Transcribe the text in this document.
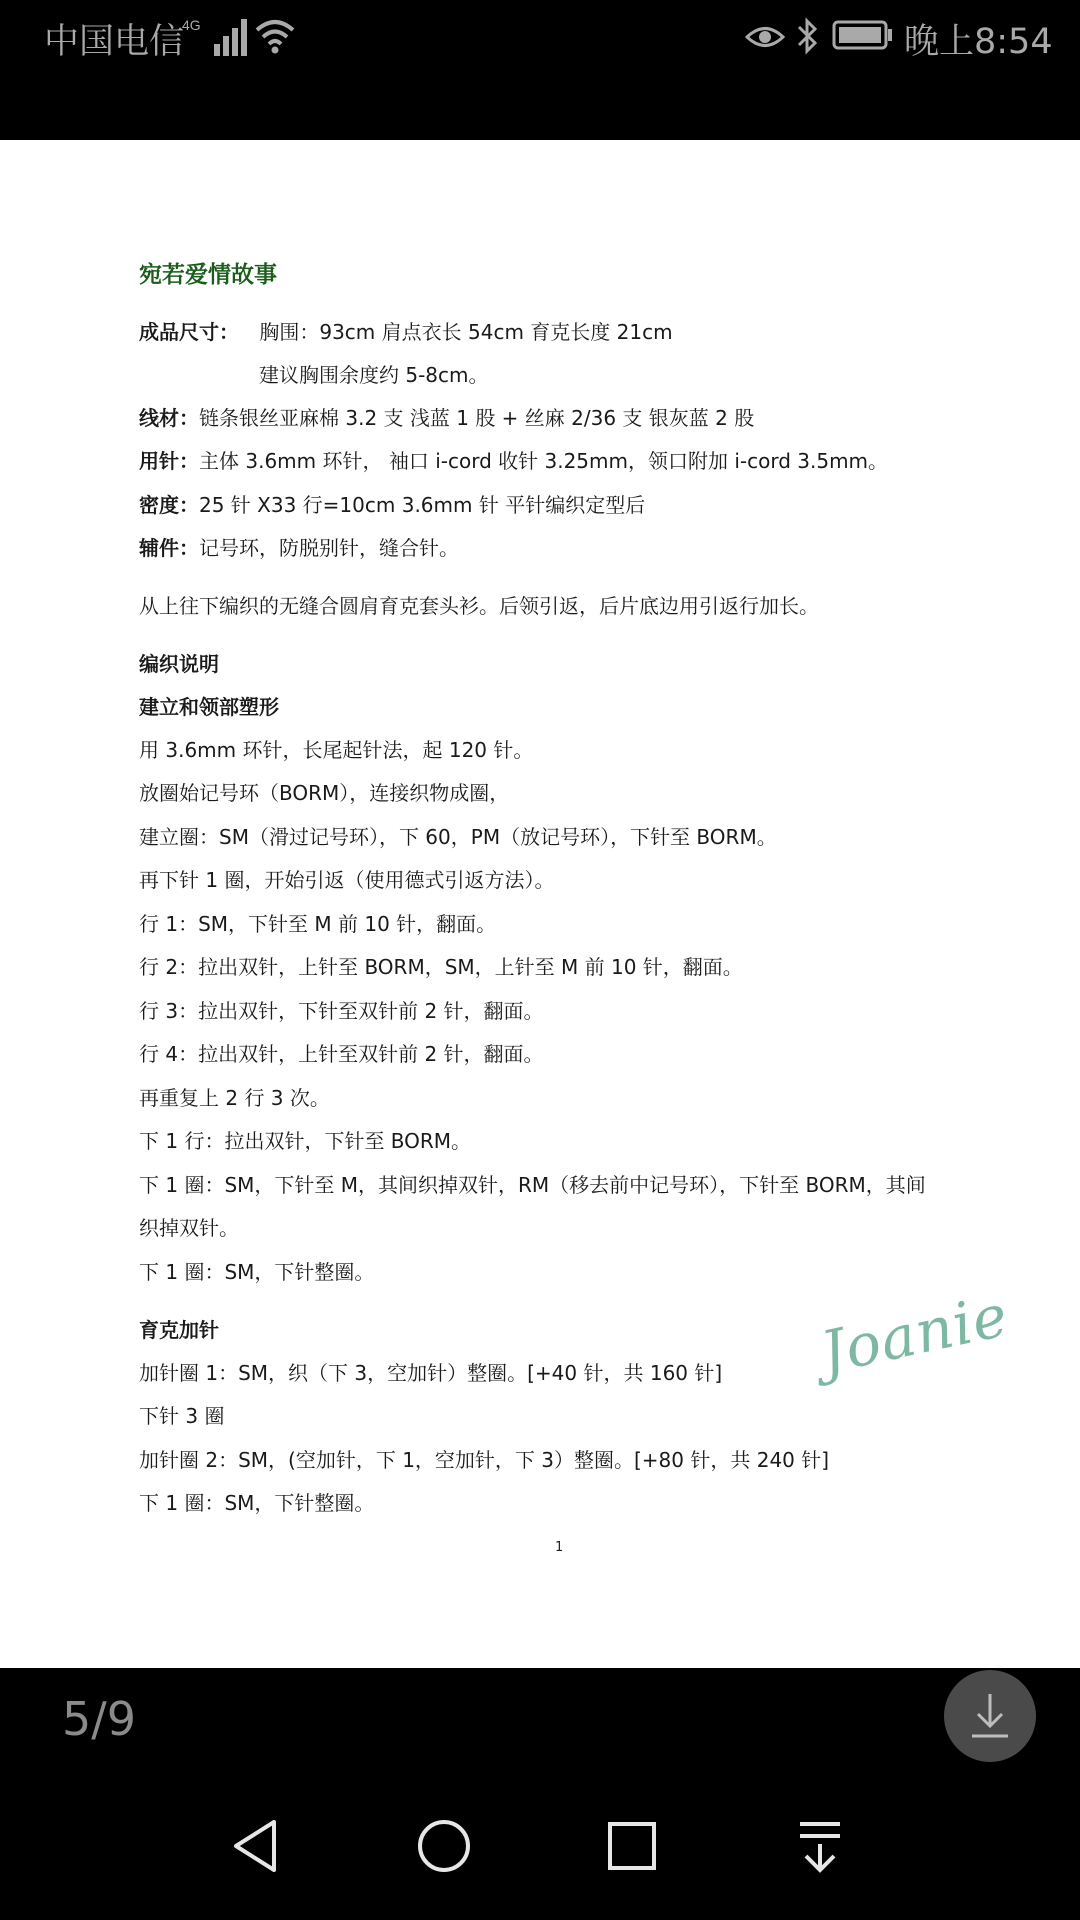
中国电信
4G	晚上8:54
宛若爱情故事
成品尺寸： 胸围：93cm 肩点衣长 54cm 育克长度 21cm
建议胸围余度约 5-8cm。
线材：链条银丝亚麻棉 3.2 支 浅蓝 1 股 + 丝麻 2/36 支 银灰蓝 2 股
用针：主体 3.6mm 环针， 袖口 i-cord 收针 3.25mm，领口附加 i-cord 3.5mm。
密度：25 针 X33 行=10cm 3.6mm 针 平针编织定型后
辅件：记号环，防脱别针，缝合针。
从上往下编织的无缝合圆肩育克套头衫。后领引返，后片底边用引返行加长。
编织说明
建立和领部塑形
用 3.6mm 环针，长尾起针法，起 120 针。
放圈始记号环（BORM），连接织物成圈，
建立圈：SM（滑过记号环），下 60，PM（放记号环），下针至 BORM。
再下针 1 圈，开始引返（使用德式引返方法）。
行 1：SM，下针至 M 前 10 针，翻面。
行 2：拉出双针，上针至 BORM，SM，上针至 M 前 10 针，翻面。
行 3：拉出双针，下针至双针前 2 针，翻面。
行 4：拉出双针，上针至双针前 2 针，翻面。
再重复上 2 行 3 次。
下 1 行：拉出双针，下针至 BORM。
下 1 圈：SM，下针至 M，其间织掉双针，RM（移去前中记号环），下针至 BORM，其间
织掉双针。
下 1 圈：SM，下针整圈。
育克加针
加针圈 1：SM，织（下 3，空加针）整圈。[+40 针，共 160 针]
下针 3 圈
加针圈 2：SM，(空加针，下 1，空加针，下 3）整圈。[+80 针，共 240 针]
下 1 圈：SM，下针整圈。
Joanie
1
5/9
